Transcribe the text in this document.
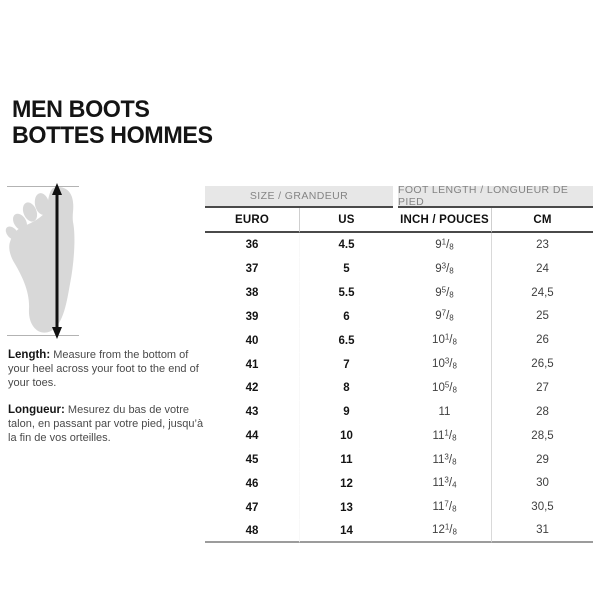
MEN BOOTS
BOTTES HOMMES

Length: Measure from the bottom of your heel across your foot to the end of your toes.

Longueur: Mesurez du bas de votre talon, en passant par votre pied, jusqu’à la fin de vos orteilles.

SIZE / GRANDEUR	FOOT LENGTH / LONGUEUR DE PIED
EURO	US	INCH / POUCES	CM
36	4.5	9 $^1/_8$	23
37	5	9 $^3/_8$	24
38	5.5	9 $^5/_8$	24,5
39	6	9 $^7/_8$	25
40	6.5	10 $^1/_8$	26
41	7	10 $^3/_8$	26,5
42	8	10 $^5/_8$	27
43	9	11	28
44	10	11 $^1/_8$	28,5
45	11	11 $^3/_8$	29
46	12	11 $^3/_4$	30
47	13	11 $^7/_8$	30,5
48	14	12 $^1/_8$	31
